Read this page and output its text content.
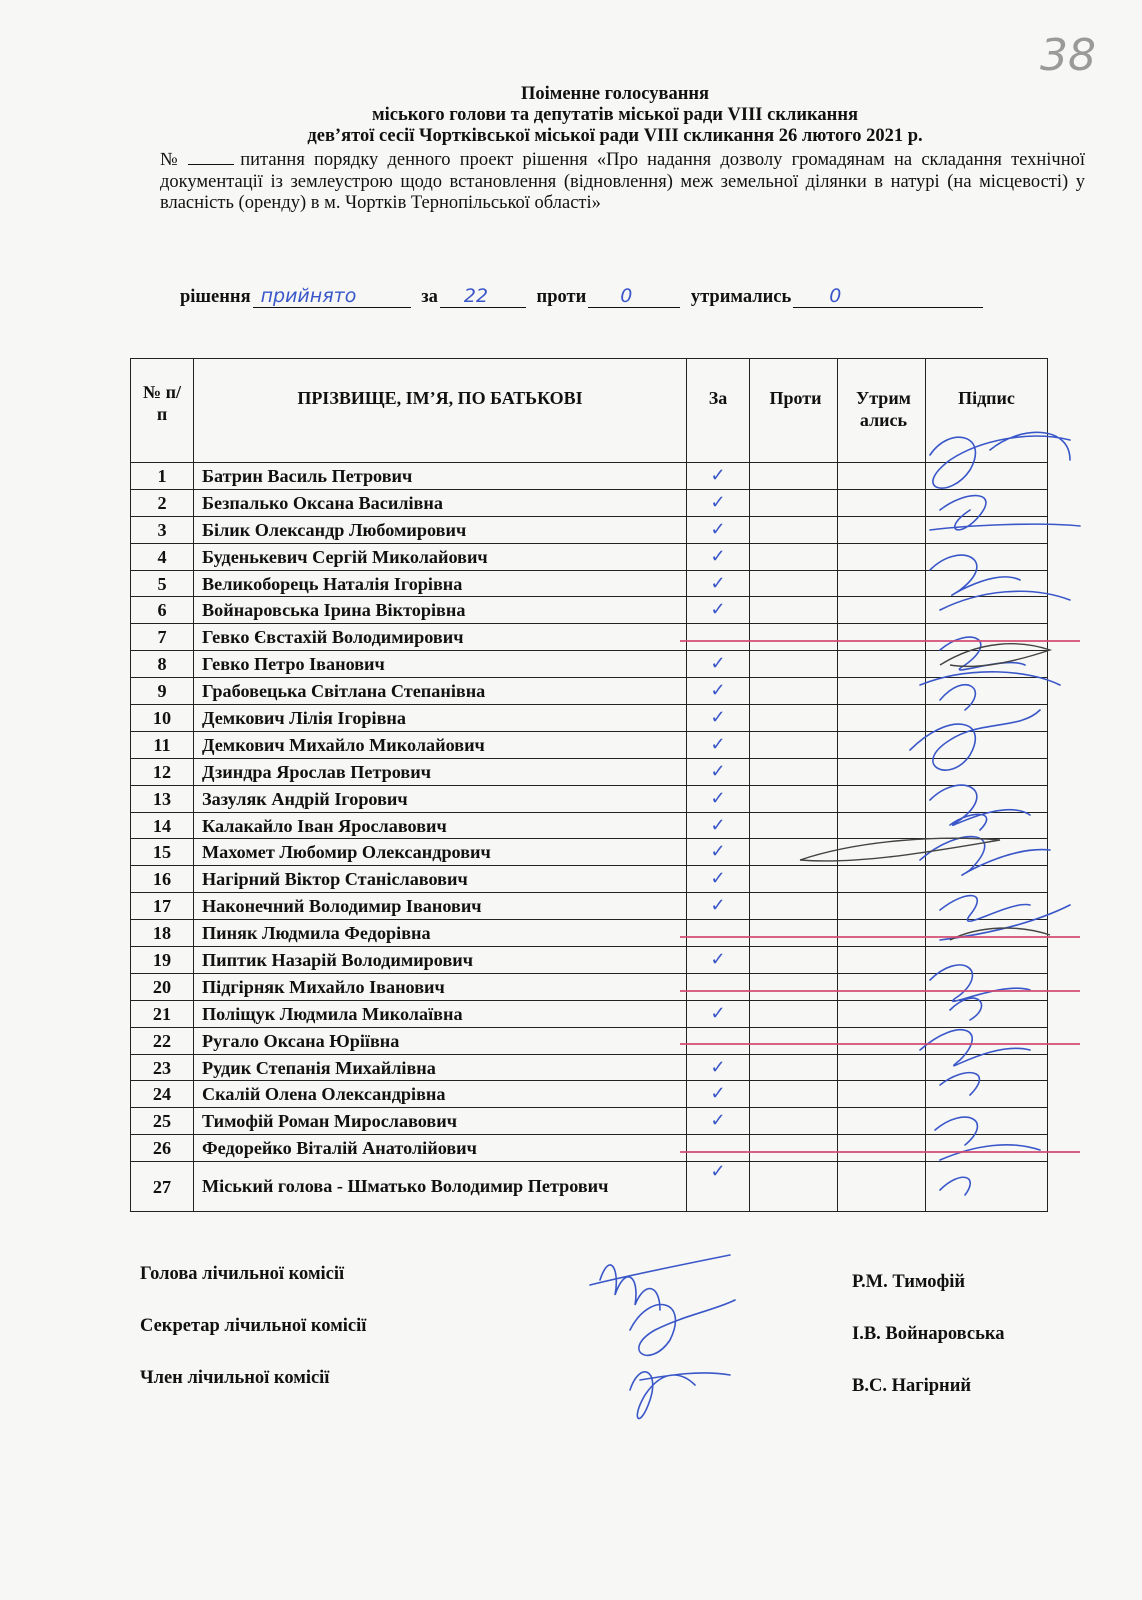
38
Поіменне голосування
міського голови та депутатів міської ради VIII скликання
дев’ятої сесії Чортківської міської ради VIII скликання 26 лютого 2021 р.
№	питання порядку денного проект рішення «Про надання дозволу громадянам на складання технічної документації із землеустрою щодо встановлення (відновлення) меж земельної ділянки в натурі (на місцевості) у власність (оренду) в м. Чортків Тернопільської області»
рішення прийнято	за 22	проти 0	утримались 0
№ п/п	ПРІЗВИЩЕ, ІМ’Я, ПО БАТЬКОВІ	За	Проти	Утримались	Підпис
1	Батрин Василь Петрович	✓			
2	Безпалько Оксана Василівна	✓			
3	Білик Олександр Любомирович	✓			
4	Буденькевич Сергій Миколайович	✓			
5	Великоборець Наталія Ігорівна	✓			
6	Войнаровська Ірина Вікторівна	✓			
7	Гевко Євстахій Володимирович				
8	Гевко Петро Іванович	✓			
9	Грабовецька Світлана Степанівна	✓			
10	Демкович Лілія Ігорівна	✓			
11	Демкович Михайло Миколайович	✓			
12	Дзиндра Ярослав Петрович	✓			
13	Зазуляк Андрій Ігорович	✓			
14	Калакайло Іван Ярославович	✓			
15	Махомет Любомир Олександрович	✓			
16	Нагірний Віктор Станіславович	✓			
17	Наконечний Володимир Іванович	✓			
18	Пиняк Людмила Федорівна				
19	Пиптик Назарій Володимирович	✓			
20	Підгірняк Михайло Іванович				
21	Поліщук Людмила Миколаївна	✓			
22	Ругало Оксана Юріївна				
23	Рудик Степанія Михайлівна	✓			
24	Скалій Олена Олександрівна	✓			
25	Тимофій Роман Мирославович	✓			
26	Федорейко Віталій Анатолійович				
27	Міський голова - Шматько Володимир Петрович	✓			
Голова лічильної комісії	Р.М. Тимофій
Секретар лічильної комісії	І.В. Войнаровська
Член лічильної комісії	В.С. Нагірний
